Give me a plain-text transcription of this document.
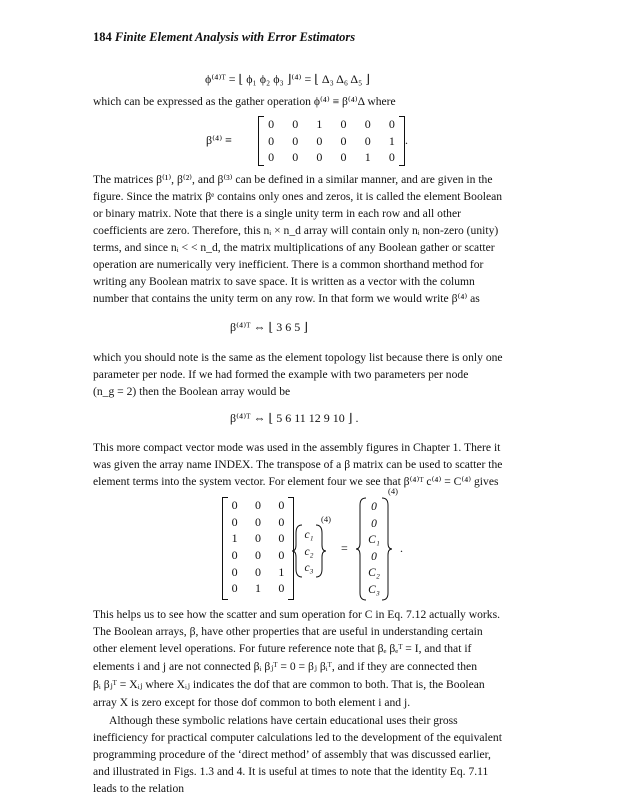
184 Finite Element Analysis with Error Estimators
ϕ⁽⁴⁾ᵀ = ⌊ ϕ₁ ϕ₂ ϕ₃ ⌋⁽⁴⁾ = ⌊ Δ₃ Δ₆ Δ₅ ⌋
which can be expressed as the gather operation ϕ⁽⁴⁾ ≡ β⁽⁴⁾Δ where
β⁽⁴⁾ ≡
0	0	1	0	0	0
0	0	0	0	0	1
0	0	0	0	1	0
.
The matrices β⁽¹⁾, β⁽²⁾, and β⁽³⁾ can be defined in a similar manner, and are given in the
figure. Since the matrix βᵉ contains only ones and zeros, it is called the element Boolean
or binary matrix. Note that there is a single unity term in each row and all other
coefficients are zero. Therefore, this nᵢ × n_d array will contain only nᵢ non-zero (unity)
terms, and since nᵢ < < n_d, the matrix multiplications of any Boolean gather or scatter
operation are numerically very inefficient. There is a common shorthand method for
writing any Boolean matrix to save space. It is written as a vector with the column
number that contains the unity term on any row. In that form we would write β⁽⁴⁾ as
β⁽⁴⁾ᵀ ⇔ ⌊ 3 6 5 ⌋
which you should note is the same as the element topology list because there is only one
parameter per node. If we had formed the example with two parameters per node
(n_g = 2) then the Boolean array would be
β⁽⁴⁾ᵀ ⇔ ⌊ 5 6 11 12 9 10 ⌋ .
This more compact vector mode was used in the assembly figures in Chapter 1. There it
was given the array name INDEX. The transpose of a β matrix can be used to scatter the
element terms into the system vector. For element four we see that β⁽⁴⁾ᵀ c⁽⁴⁾ = C⁽⁴⁾ gives
0	0	0
0	0	0
1	0	0
0	0	0
0	0	1
0	1	0
c₁
c₂
c₃
(4)
=
0
0
C₁
0
C₂
C₃
(4)
.
This helps us to see how the scatter and sum operation for C in Eq. 7.12 actually works.
The Boolean arrays, β, have other properties that are useful in understanding certain
other element level operations. For future reference note that βₑ βₑᵀ = I, and that if
elements i and j are not connected βᵢ βⱼᵀ = 0 = βⱼ βᵢᵀ, and if they are connected then
βᵢ βⱼᵀ = Xᵢⱼ where Xᵢⱼ indicates the dof that are common to both. That is, the Boolean
array X is zero except for those dof common to both element i and j.
Although these symbolic relations have certain educational uses their gross
inefficiency for practical computer calculations led to the development of the equivalent
programming procedure of the ‘direct method’ of assembly that was discussed earlier,
and illustrated in Figs. 1.3 and 4. It is useful at times to note that the identity Eq. 7.11
leads to the relation
